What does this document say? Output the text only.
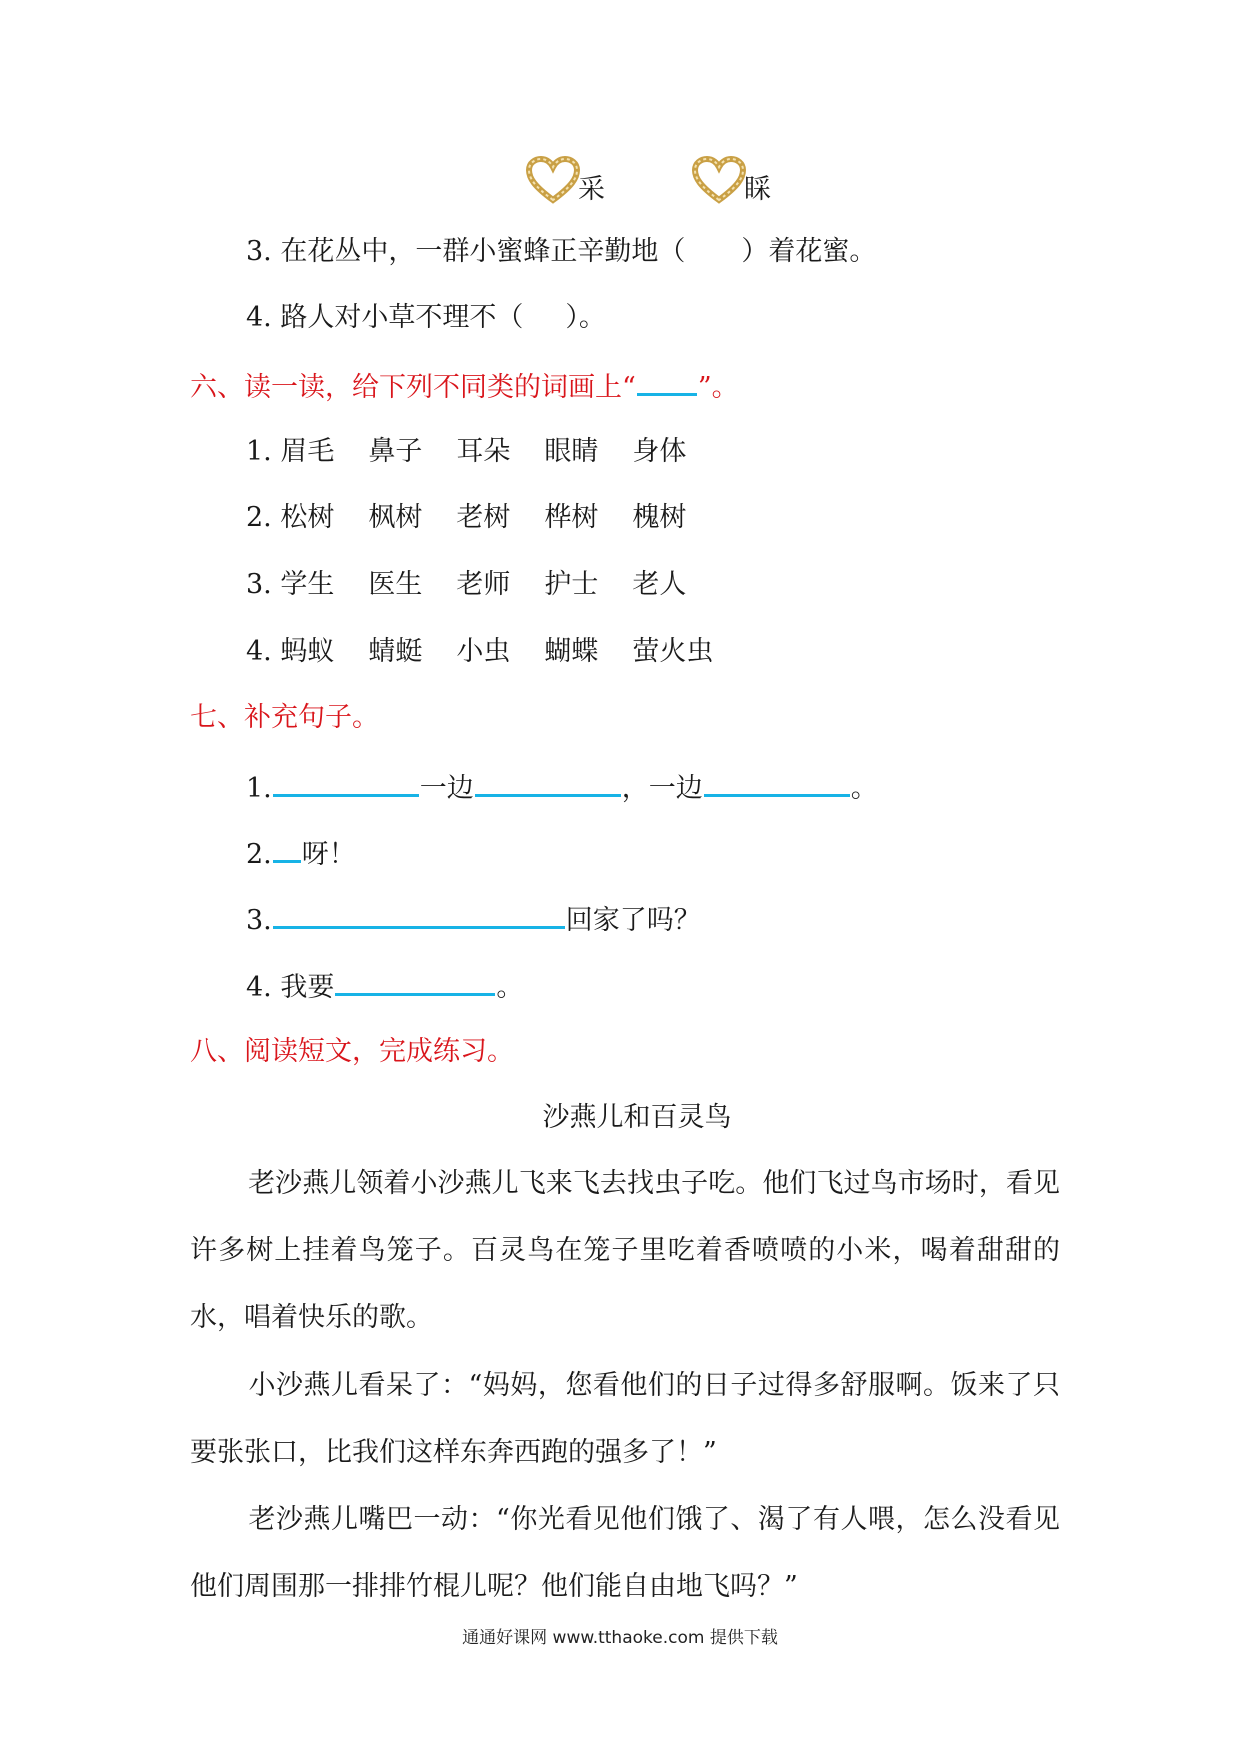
采	睬
3. 在花丛中，一群小蜜蜂正辛勤地（ ）着花蜜。
4. 路人对小草不理不（ ）。
六、读一读，给下列不同类的词画上“ ”。
1. 眉毛 鼻子 耳朵 眼睛 身体
2. 松树 枫树 老树 桦树 槐树
3. 学生 医生 老师 护士 老人
4. 蚂蚁 蜻蜓 小虫 蝴蝶 萤火虫
七、补充句子。
1.	一边	，一边	。
2. 呀！
3.	回家了吗？
4. 我要	。
八、阅读短文，完成练习。
沙燕儿和百灵鸟
老沙燕儿领着小沙燕儿飞来飞去找虫子吃。他们飞过鸟市场时，看见许多树上挂着鸟笼子。百灵鸟在笼子里吃着香喷喷的小米，喝着甜甜的水，唱着快乐的歌。
小沙燕儿看呆了：“妈妈，您看他们的日子过得多舒服啊。饭来了只要张张口，比我们这样东奔西跑的强多了！”
老沙燕儿嘴巴一动：“你光看见他们饿了、渴了有人喂，怎么没看见他们周围那一排排竹棍儿呢？他们能自由地飞吗？”
通通好课网 www.tthaoke.com 提供下载
